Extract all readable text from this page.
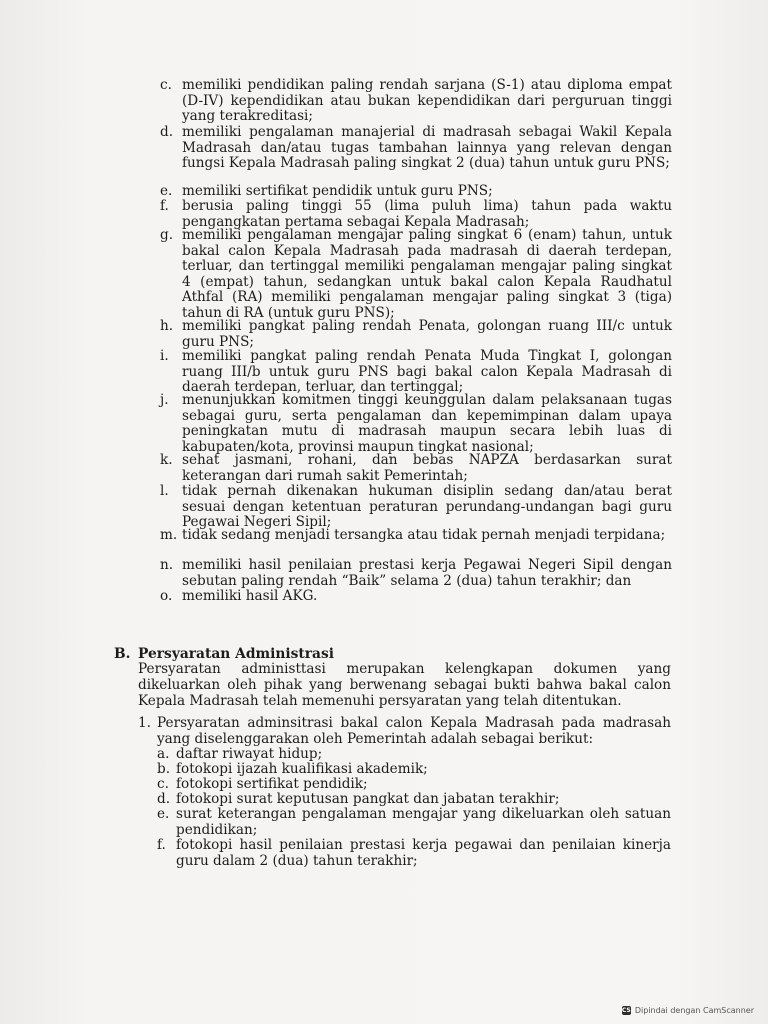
c. memiliki pendidikan paling rendah sarjana (S-1) atau diploma empat (D-IV) kependidikan atau bukan kependidikan dari perguruan tinggi yang terakreditasi;
d. memiliki pengalaman manajerial di madrasah sebagai Wakil Kepala Madrasah dan/atau tugas tambahan lainnya yang relevan dengan fungsi Kepala Madrasah paling singkat 2 (dua) tahun untuk guru PNS;
e. memiliki sertifikat pendidik untuk guru PNS;
f. berusia paling tinggi 55 (lima puluh lima) tahun pada waktu pengangkatan pertama sebagai Kepala Madrasah;
g. memiliki pengalaman mengajar paling singkat 6 (enam) tahun, untuk bakal calon Kepala Madrasah pada madrasah di daerah terdepan, terluar, dan tertinggal memiliki pengalaman mengajar paling singkat 4 (empat) tahun, sedangkan untuk bakal calon Kepala Raudhatul Athfal (RA) memiliki pengalaman mengajar paling singkat 3 (tiga) tahun di RA (untuk guru PNS);
h. memiliki pangkat paling rendah Penata, golongan ruang III/c untuk guru PNS;
i. memiliki pangkat paling rendah Penata Muda Tingkat I, golongan ruang III/b untuk guru PNS bagi bakal calon Kepala Madrasah di daerah terdepan, terluar, dan tertinggal;
j. menunjukkan komitmen tinggi keunggulan dalam pelaksanaan tugas sebagai guru, serta pengalaman dan kepemimpinan dalam upaya peningkatan mutu di madrasah maupun secara lebih luas di kabupaten/kota, provinsi maupun tingkat nasional;
k. sehat jasmani, rohani, dan bebas NAPZA berdasarkan surat keterangan dari rumah sakit Pemerintah;
l. tidak pernah dikenakan hukuman disiplin sedang dan/atau berat sesuai dengan ketentuan peraturan perundang-undangan bagi guru Pegawai Negeri Sipil;
m. tidak sedang menjadi tersangka atau tidak pernah menjadi terpidana;
n. memiliki hasil penilaian prestasi kerja Pegawai Negeri Sipil dengan sebutan paling rendah “Baik” selama 2 (dua) tahun terakhir; dan
o. memiliki hasil AKG.
B. Persyaratan Administrasi
Persyaratan administtasi merupakan kelengkapan dokumen yang dikeluarkan oleh pihak yang berwenang sebagai bukti bahwa bakal calon Kepala Madrasah telah memenuhi persyaratan yang telah ditentukan.
1. Persyaratan adminsitrasi bakal calon Kepala Madrasah pada madrasah yang diselenggarakan oleh Pemerintah adalah sebagai berikut:
a. daftar riwayat hidup;
b. fotokopi ijazah kualifikasi akademik;
c. fotokopi sertifikat pendidik;
d. fotokopi surat keputusan pangkat dan jabatan terakhir;
e. surat keterangan pengalaman mengajar yang dikeluarkan oleh satuan pendidikan;
f. fotokopi hasil penilaian prestasi kerja pegawai dan penilaian kinerja guru dalam 2 (dua) tahun terakhir;
CS Dipindai dengan CamScanner
